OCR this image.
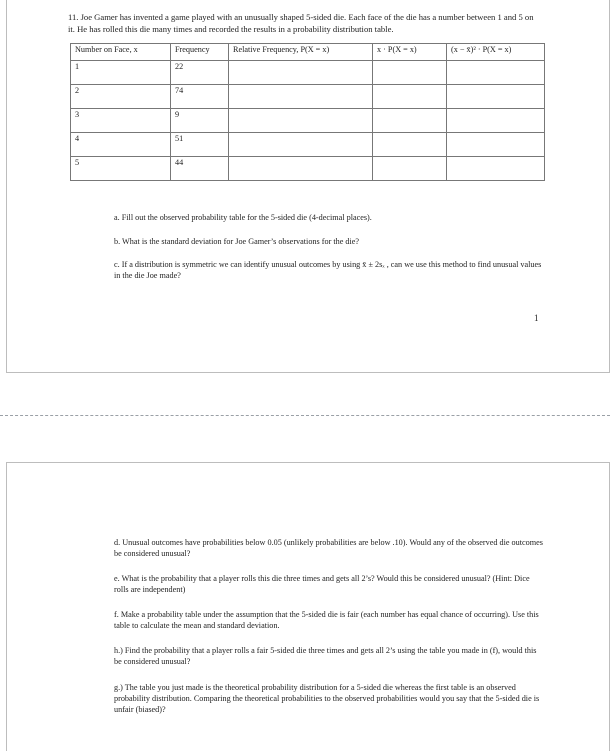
11. Joe Gamer has invented a game played with an unusually shaped 5-sided die. Each face of the die has a number between 1 and 5 on it. He has rolled this die many times and recorded the results in a probability distribution table.
Number on Face, x	Frequency	Relative Frequency, P(X = x)	x · P(X = x)	(x − x̄)² · P(X = x)
1	22			
2	74			
3	9			
4	51			
5	44			
a. Fill out the observed probability table for the 5-sided die (4-decimal places).
b. What is the standard deviation for Joe Gamer’s observations for the die?
c. If a distribution is symmetric we can identify unusual outcomes by using x̄ ± 2sₓ , can we use this method to find unusual values in the die Joe made?
1
d. Unusual outcomes have probabilities below 0.05 (unlikely probabilities are below .10). Would any of the observed die outcomes be considered unusual?
e. What is the probability that a player rolls this die three times and gets all 2’s? Would this be considered unusual? (Hint: Dice rolls are independent)
f. Make a probability table under the assumption that the 5-sided die is fair (each number has equal chance of occurring). Use this table to calculate the mean and standard deviation.
h.) Find the probability that a player rolls a fair 5-sided die three times and gets all 2’s using the table you made in (f), would this be considered unusual?
g.) The table you just made is the theoretical probability distribution for a 5-sided die whereas the first table is an observed probability distribution. Comparing the theoretical probabilities to the observed probabilities would you say that the 5-sided die is unfair (biased)?
